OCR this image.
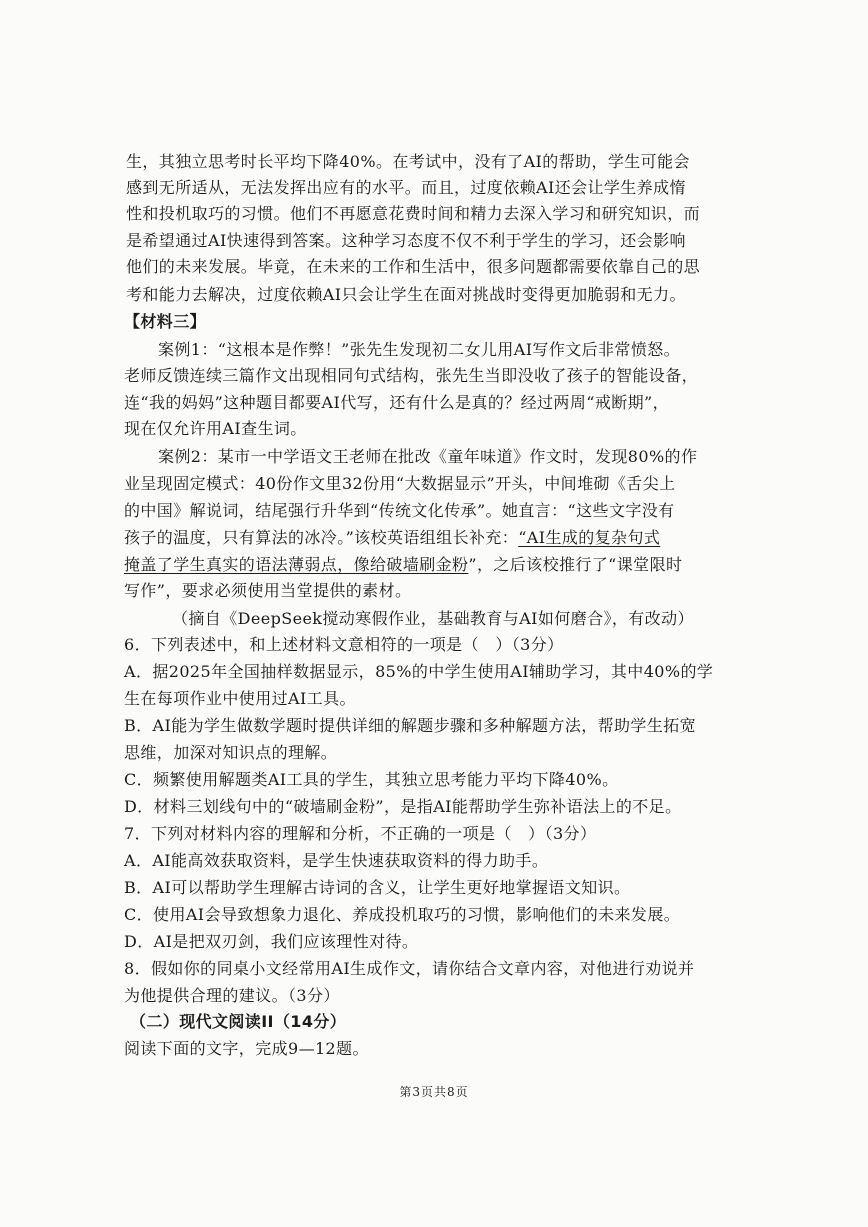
生，其独立思考时长平均下降40%。在考试中，没有了AI的帮助，学生可能会
感到无所适从，无法发挥出应有的水平。而且，过度依赖AI还会让学生养成惰
性和投机取巧的习惯。他们不再愿意花费时间和精力去深入学习和研究知识，而
是希望通过AI快速得到答案。这种学习态度不仅不利于学生的学习，还会影响
他们的未来发展。毕竟，在未来的工作和生活中，很多问题都需要依靠自己的思
考和能力去解决，过度依赖AI只会让学生在面对挑战时变得更加脆弱和无力。
【材料三】
案例1：“这根本是作弊！”张先生发现初二女儿用AI写作文后非常愤怒。
老师反馈连续三篇作文出现相同句式结构，张先生当即没收了孩子的智能设备，
连“我的妈妈”这种题目都要AI代写，还有什么是真的？经过两周“戒断期”，
现在仅允许用AI查生词。
案例2：某市一中学语文王老师在批改《童年味道》作文时，发现80%的作
业呈现固定模式：40份作文里32份用“大数据显示”开头，中间堆砌《舌尖上
的中国》解说词，结尾强行升华到“传统文化传承”。她直言：“这些文字没有
孩子的温度，只有算法的冰冷。”该校英语组组长补充：“AI生成的复杂句式
掩盖了学生真实的语法薄弱点，像给破墙刷金粉”，之后该校推行了“课堂限时
写作”，要求必须使用当堂提供的素材。
（摘自《DeepSeek搅动寒假作业，基础教育与AI如何磨合》，有改动）
6．下列表述中，和上述材料文意相符的一项是（　）（3分）
A．据2025年全国抽样数据显示，85%的中学生使用AI辅助学习，其中40%的学
生在每项作业中使用过AI工具。
B．AI能为学生做数学题时提供详细的解题步骤和多种解题方法，帮助学生拓宽
思维，加深对知识点的理解。
C．频繁使用解题类AI工具的学生，其独立思考能力平均下降40%。
D．材料三划线句中的“破墙刷金粉”，是指AI能帮助学生弥补语法上的不足。
7．下列对材料内容的理解和分析，不正确的一项是（　）（3分）
A．AI能高效获取资料，是学生快速获取资料的得力助手。
B．AI可以帮助学生理解古诗词的含义，让学生更好地掌握语文知识。
C．使用AI会导致想象力退化、养成投机取巧的习惯，影响他们的未来发展。
D．AI是把双刃剑，我们应该理性对待。
8．假如你的同桌小文经常用AI生成作文，请你结合文章内容，对他进行劝说并
为他提供合理的建议。（3分）
（二）现代文阅读II（14分）
阅读下面的文字，完成9—12题。
第3页共8页
